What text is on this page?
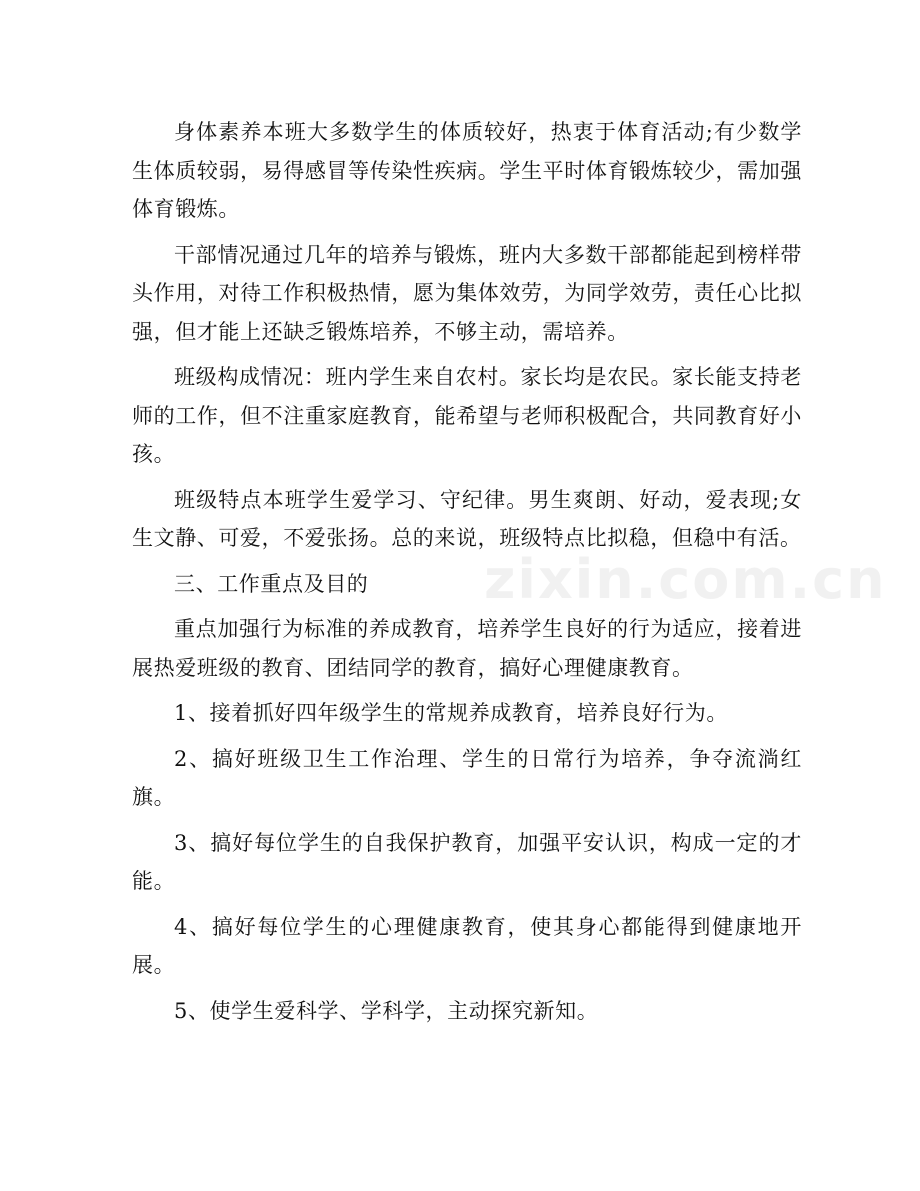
身体素养本班大多数学生的体质较好，热衷于体育活动;有少数学生体质较弱，易得感冒等传染性疾病。学生平时体育锻炼较少，需加强体育锻炼。

干部情况通过几年的培养与锻炼，班内大多数干部都能起到榜样带头作用，对待工作积极热情，愿为集体效劳，为同学效劳，责任心比拟强，但才能上还缺乏锻炼培养，不够主动，需培养。

班级构成情况：班内学生来自农村。家长均是农民。家长能支持老师的工作，但不注重家庭教育，能希望与老师积极配合，共同教育好小孩。

班级特点本班学生爱学习、守纪律。男生爽朗、好动，爱表现;女生文静、可爱，不爱张扬。总的来说，班级特点比拟稳，但稳中有活。

三、工作重点及目的

重点加强行为标准的养成教育，培养学生良好的行为适应，接着进展热爱班级的教育、团结同学的教育，搞好心理健康教育。

1、接着抓好四年级学生的常规养成教育，培养良好行为。

2、搞好班级卫生工作治理、学生的日常行为培养，争夺流淌红旗。

3、搞好每位学生的自我保护教育，加强平安认识，构成一定的才能。

4、搞好每位学生的心理健康教育，使其身心都能得到健康地开展。

5、使学生爱科学、学科学，主动探究新知。

zixin.com.cn
